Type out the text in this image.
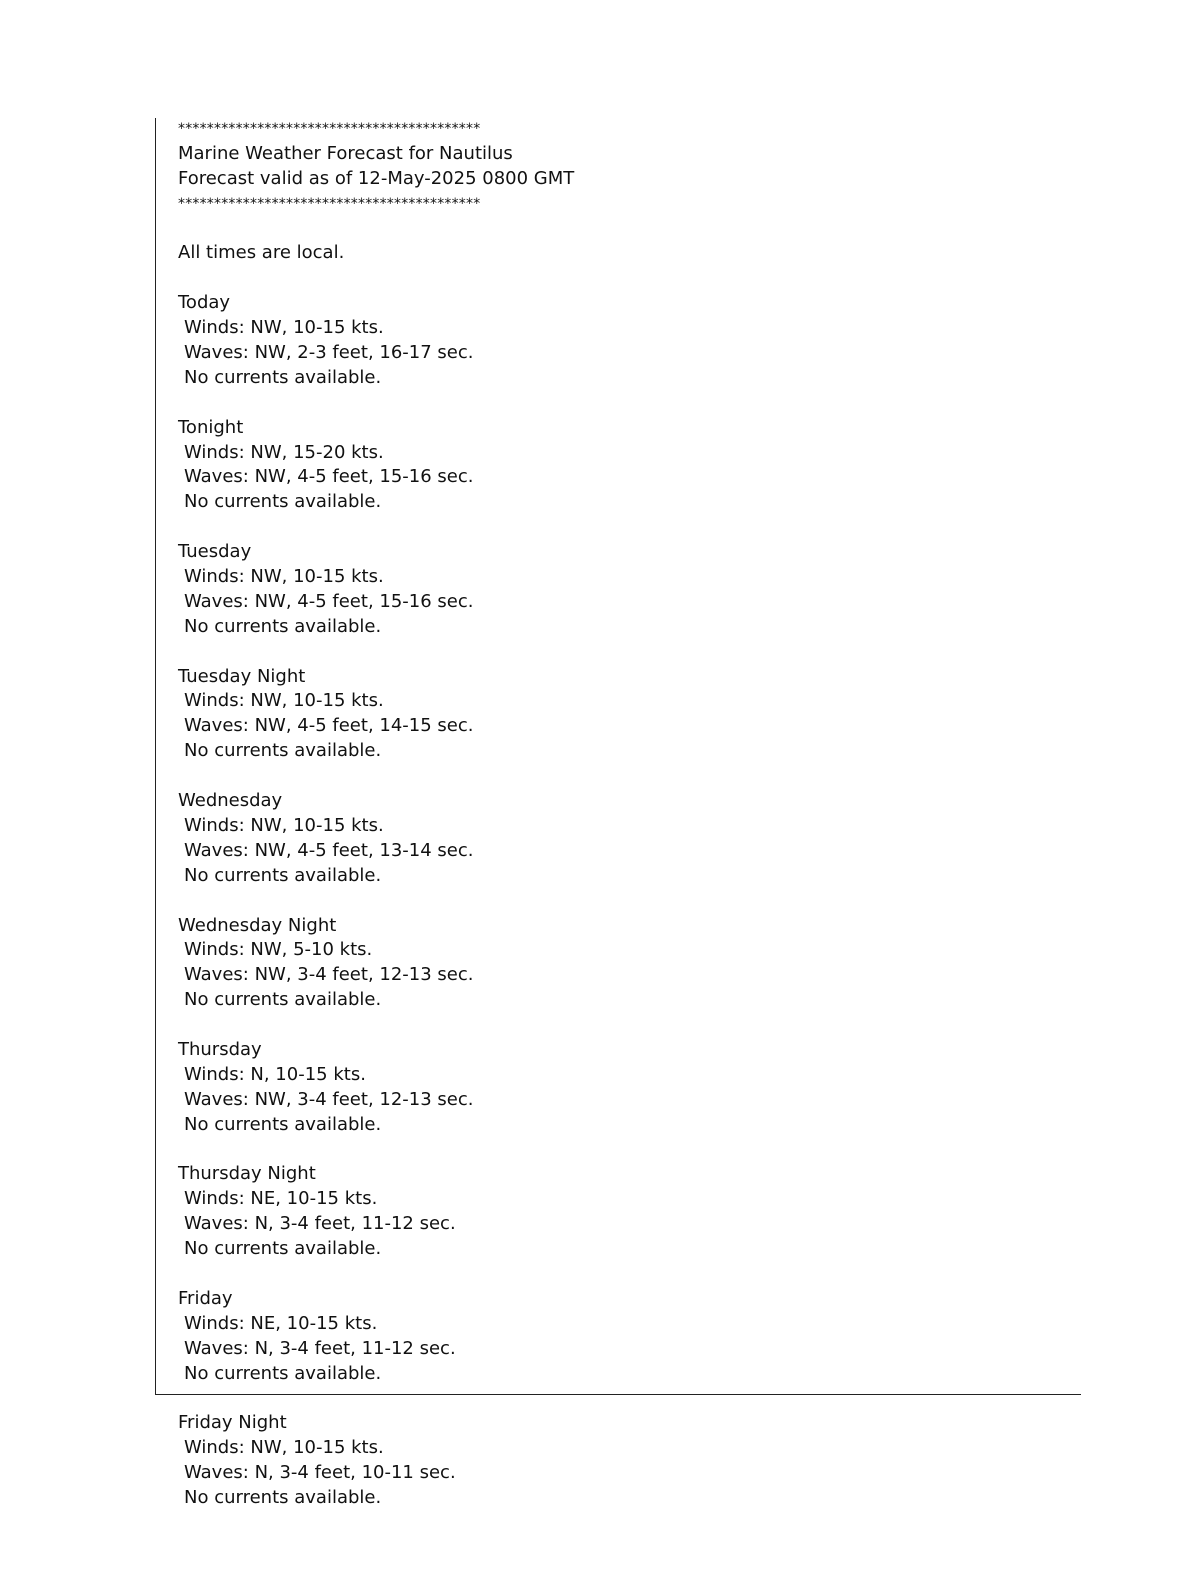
******************************************
Marine Weather Forecast for Nautilus
Forecast valid as of 12-May-2025 0800 GMT
******************************************
All times are local.
Today
Winds: NW, 10-15 kts.
Waves: NW, 2-3 feet, 16-17 sec.
No currents available.
Tonight
Winds: NW, 15-20 kts.
Waves: NW, 4-5 feet, 15-16 sec.
No currents available.
Tuesday
Winds: NW, 10-15 kts.
Waves: NW, 4-5 feet, 15-16 sec.
No currents available.
Tuesday Night
Winds: NW, 10-15 kts.
Waves: NW, 4-5 feet, 14-15 sec.
No currents available.
Wednesday
Winds: NW, 10-15 kts.
Waves: NW, 4-5 feet, 13-14 sec.
No currents available.
Wednesday Night
Winds: NW, 5-10 kts.
Waves: NW, 3-4 feet, 12-13 sec.
No currents available.
Thursday
Winds: N, 10-15 kts.
Waves: NW, 3-4 feet, 12-13 sec.
No currents available.
Thursday Night
Winds: NE, 10-15 kts.
Waves: N, 3-4 feet, 11-12 sec.
No currents available.
Friday
Winds: NE, 10-15 kts.
Waves: N, 3-4 feet, 11-12 sec.
No currents available.
Friday Night
Winds: NW, 10-15 kts.
Waves: N, 3-4 feet, 10-11 sec.
No currents available.
